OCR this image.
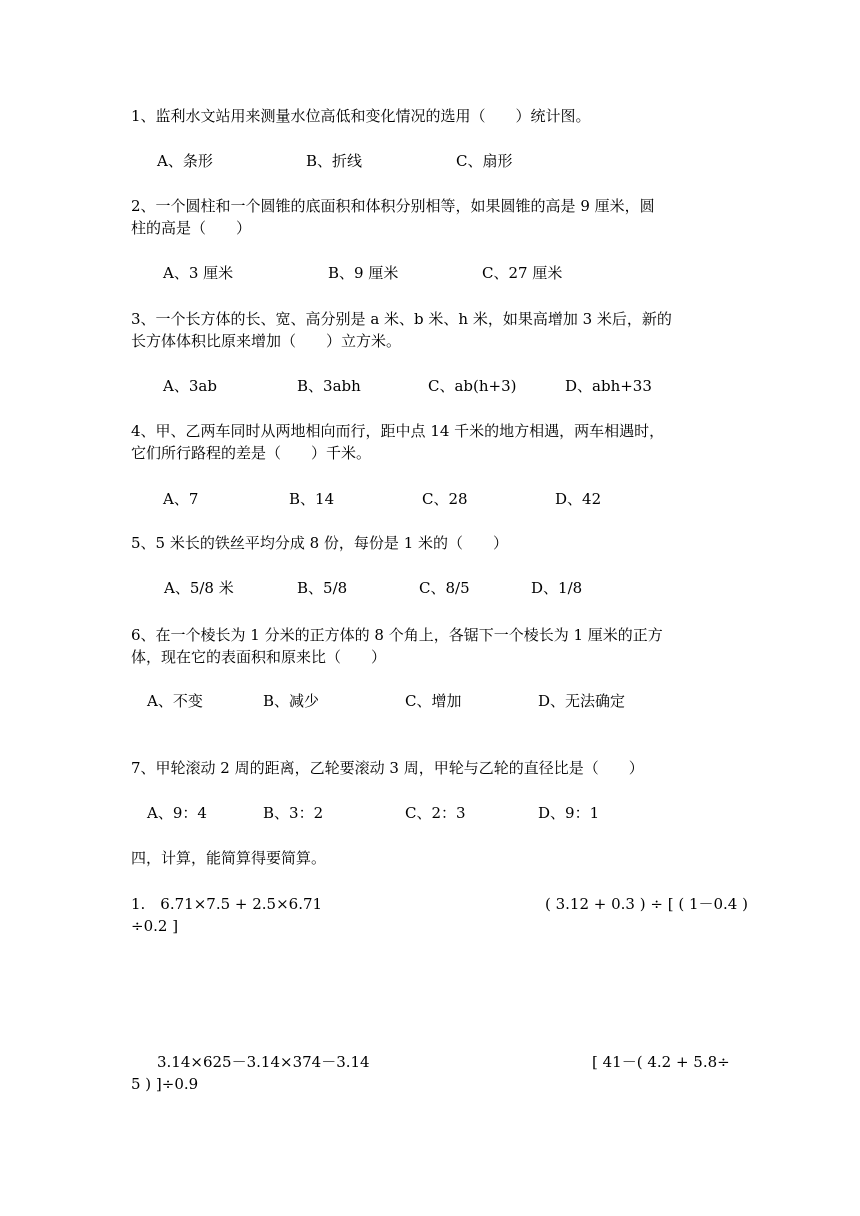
1、监利水文站用来测量水位高低和变化情况的选用（　　）统计图。
A、条形	B、折线	C、扇形
2、一个圆柱和一个圆锥的底面积和体积分别相等，如果圆锥的高是 9 厘米，圆
柱的高是（　　）
A、3 厘米	B、9 厘米	C、27 厘米
3、一个长方体的长、宽、高分别是 a 米、b 米、h 米，如果高增加 3 米后，新的
长方体体积比原来增加（　　）立方米。
A、3ab	B、3abh	C、ab(h+3)	D、abh+33
4、甲、乙两车同时从两地相向而行，距中点 14 千米的地方相遇，两车相遇时，
它们所行路程的差是（　　）千米。
A、7	B、14	C、28	D、42
5、5 米长的铁丝平均分成 8 份，每份是 1 米的（　　）
A、5/8 米	B、5/8	C、8/5	D、1/8
6、在一个棱长为 1 分米的正方体的 8 个角上，各锯下一个棱长为 1 厘米的正方
体，现在它的表面积和原来比（　　）
A、不变	B、减少	C、增加	D、无法确定
7、甲轮滚动 2 周的距离，乙轮要滚动 3 周，甲轮与乙轮的直径比是（　　）
A、9：4	B、3：2	C、2：3	D、9：1
四，计算，能简算得要简算。
1.　6.71×7.5 + 2.5×6.71	( 3.12 + 0.3 ) ÷ [ ( 1－0.4 )
÷0.2 ]
3.14×625－3.14×374－3.14	[ 41－( 4.2 + 5.8÷
5 ) ]÷0.9
